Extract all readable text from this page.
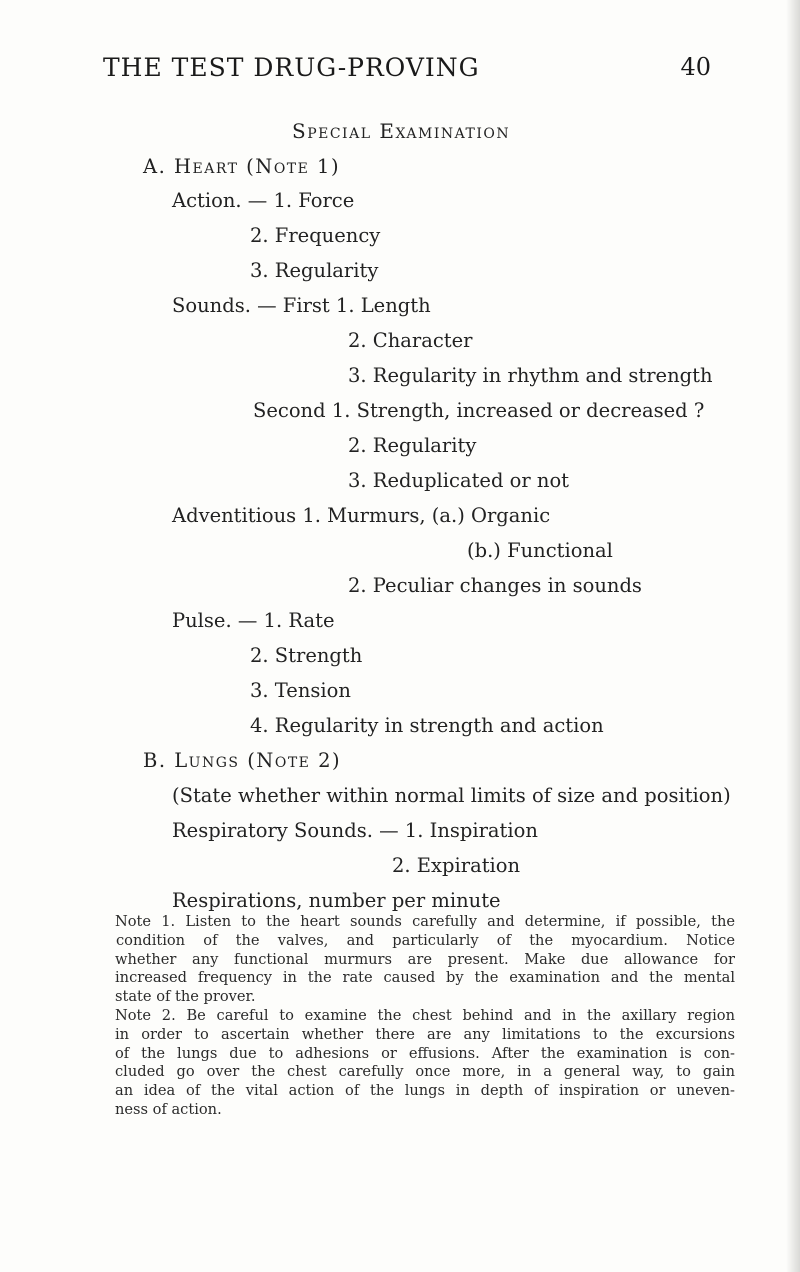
THE TEST DRUG-PROVING	40
Special Examination
A. Heart (Note 1)
Action. — 1. Force
2. Frequency
3. Regularity
Sounds. — First 1. Length
2. Character
3. Regularity in rhythm and strength
Second 1. Strength, increased or decreased ?
2. Regularity
3. Reduplicated or not
Adventitious 1. Murmurs, (a.) Organic
(b.) Functional
2. Peculiar changes in sounds
Pulse. — 1. Rate
2. Strength
3. Tension
4. Regularity in strength and action
B. Lungs (Note 2)
(State whether within normal limits of size and position)
Respiratory Sounds. — 1. Inspiration
2. Expiration
Respirations, number per minute
Note 1. Listen to the heart sounds carefully and determine, if possible, the
condition of the valves, and particularly of the myocardium. Notice
whether any functional murmurs are present. Make due allowance for
increased frequency in the rate caused by the examination and the mental
state of the prover.
Note 2. Be careful to examine the chest behind and in the axillary region
in order to ascertain whether there are any limitations to the excursions
of the lungs due to adhesions or effusions. After the examination is con-
cluded go over the chest carefully once more, in a general way, to gain
an idea of the vital action of the lungs in depth of inspiration or uneven-
ness of action.
